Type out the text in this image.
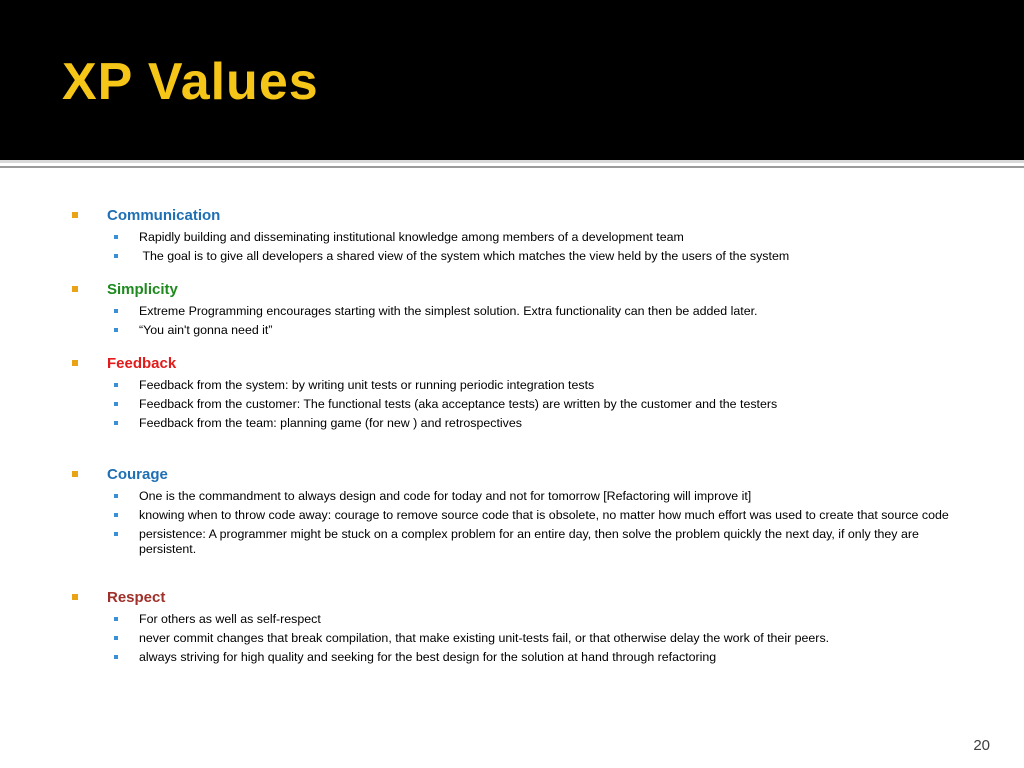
XP Values
Communication
Rapidly building and disseminating institutional knowledge among members of a development team
The goal is to give all developers a shared view of the system which matches the view held by the users of the system
Simplicity
Extreme Programming encourages starting with the simplest solution. Extra functionality can then be added later.
“You ain't gonna need it”
Feedback
Feedback from the system: by writing unit tests or running periodic integration tests
Feedback from the customer: The functional tests (aka acceptance tests) are written by the customer and the testers
Feedback from the team: planning game (for new ) and retrospectives
Courage
One is the commandment to always design and code for today and not for tomorrow [Refactoring will improve it]
knowing when to throw code away: courage to remove source code that is obsolete, no matter how much effort was used to create that source code
persistence: A programmer might be stuck on a complex problem for an entire day, then solve the problem quickly the next day, if only they are persistent.
Respect
For others as well as self-respect
never commit changes that break compilation, that make existing unit-tests fail, or that otherwise delay the work of their peers.
always striving for high quality and seeking for the best design for the solution at hand through refactoring
20
